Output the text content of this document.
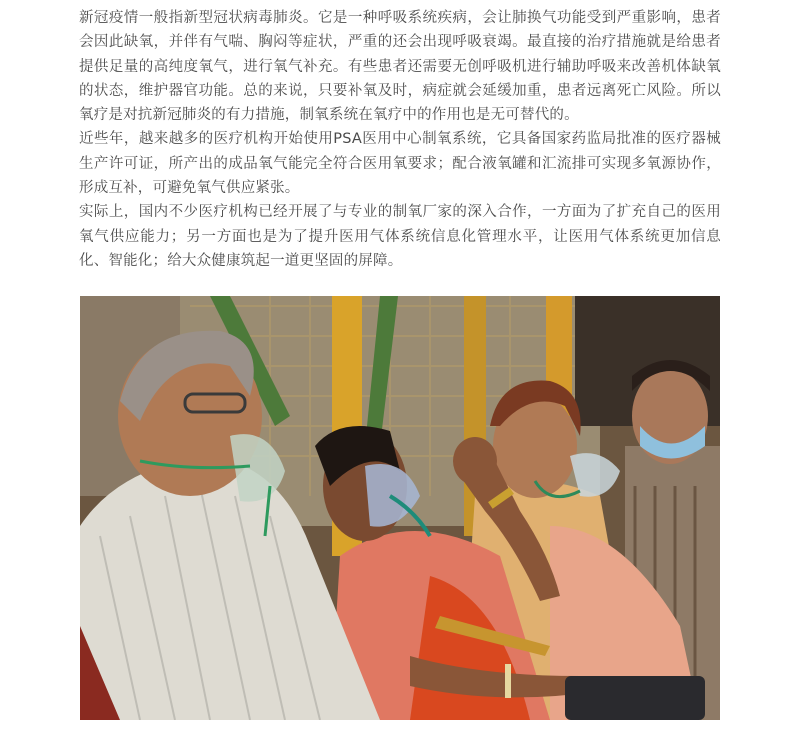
新冠疫情一般指新型冠状病毒肺炎。它是一种呼吸系统疾病，会让肺换气功能受到严重影响，患者会因此缺氧，并伴有气喘、胸闷等症状，严重的还会出现呼吸衰竭。最直接的治疗措施就是给患者提供足量的高纯度氧气，进行氧气补充。有些患者还需要无创呼吸机进行辅助呼吸来改善机体缺氧的状态，维护器官功能。总的来说，只要补氧及时，病症就会延缓加重，患者远离死亡风险。所以氧疗是对抗新冠肺炎的有力措施，制氧系统在氧疗中的作用也是无可替代的。

近些年，越来越多的医疗机构开始使用PSA医用中心制氧系统，它具备国家药监局批准的医疗器械生产许可证，所产出的成品氧气能完全符合医用氧要求；配合液氧罐和汇流排可实现多氧源协作，形成互补，可避免氧气供应紧张。

实际上，国内不少医疗机构已经开展了与专业的制氧厂家的深入合作，一方面为了扩充自己的医用氧气供应能力；另一方面也是为了提升医用气体系统信息化管理水平，让医用气体系统更加信息化、智能化；给大众健康筑起一道更坚固的屏障。
